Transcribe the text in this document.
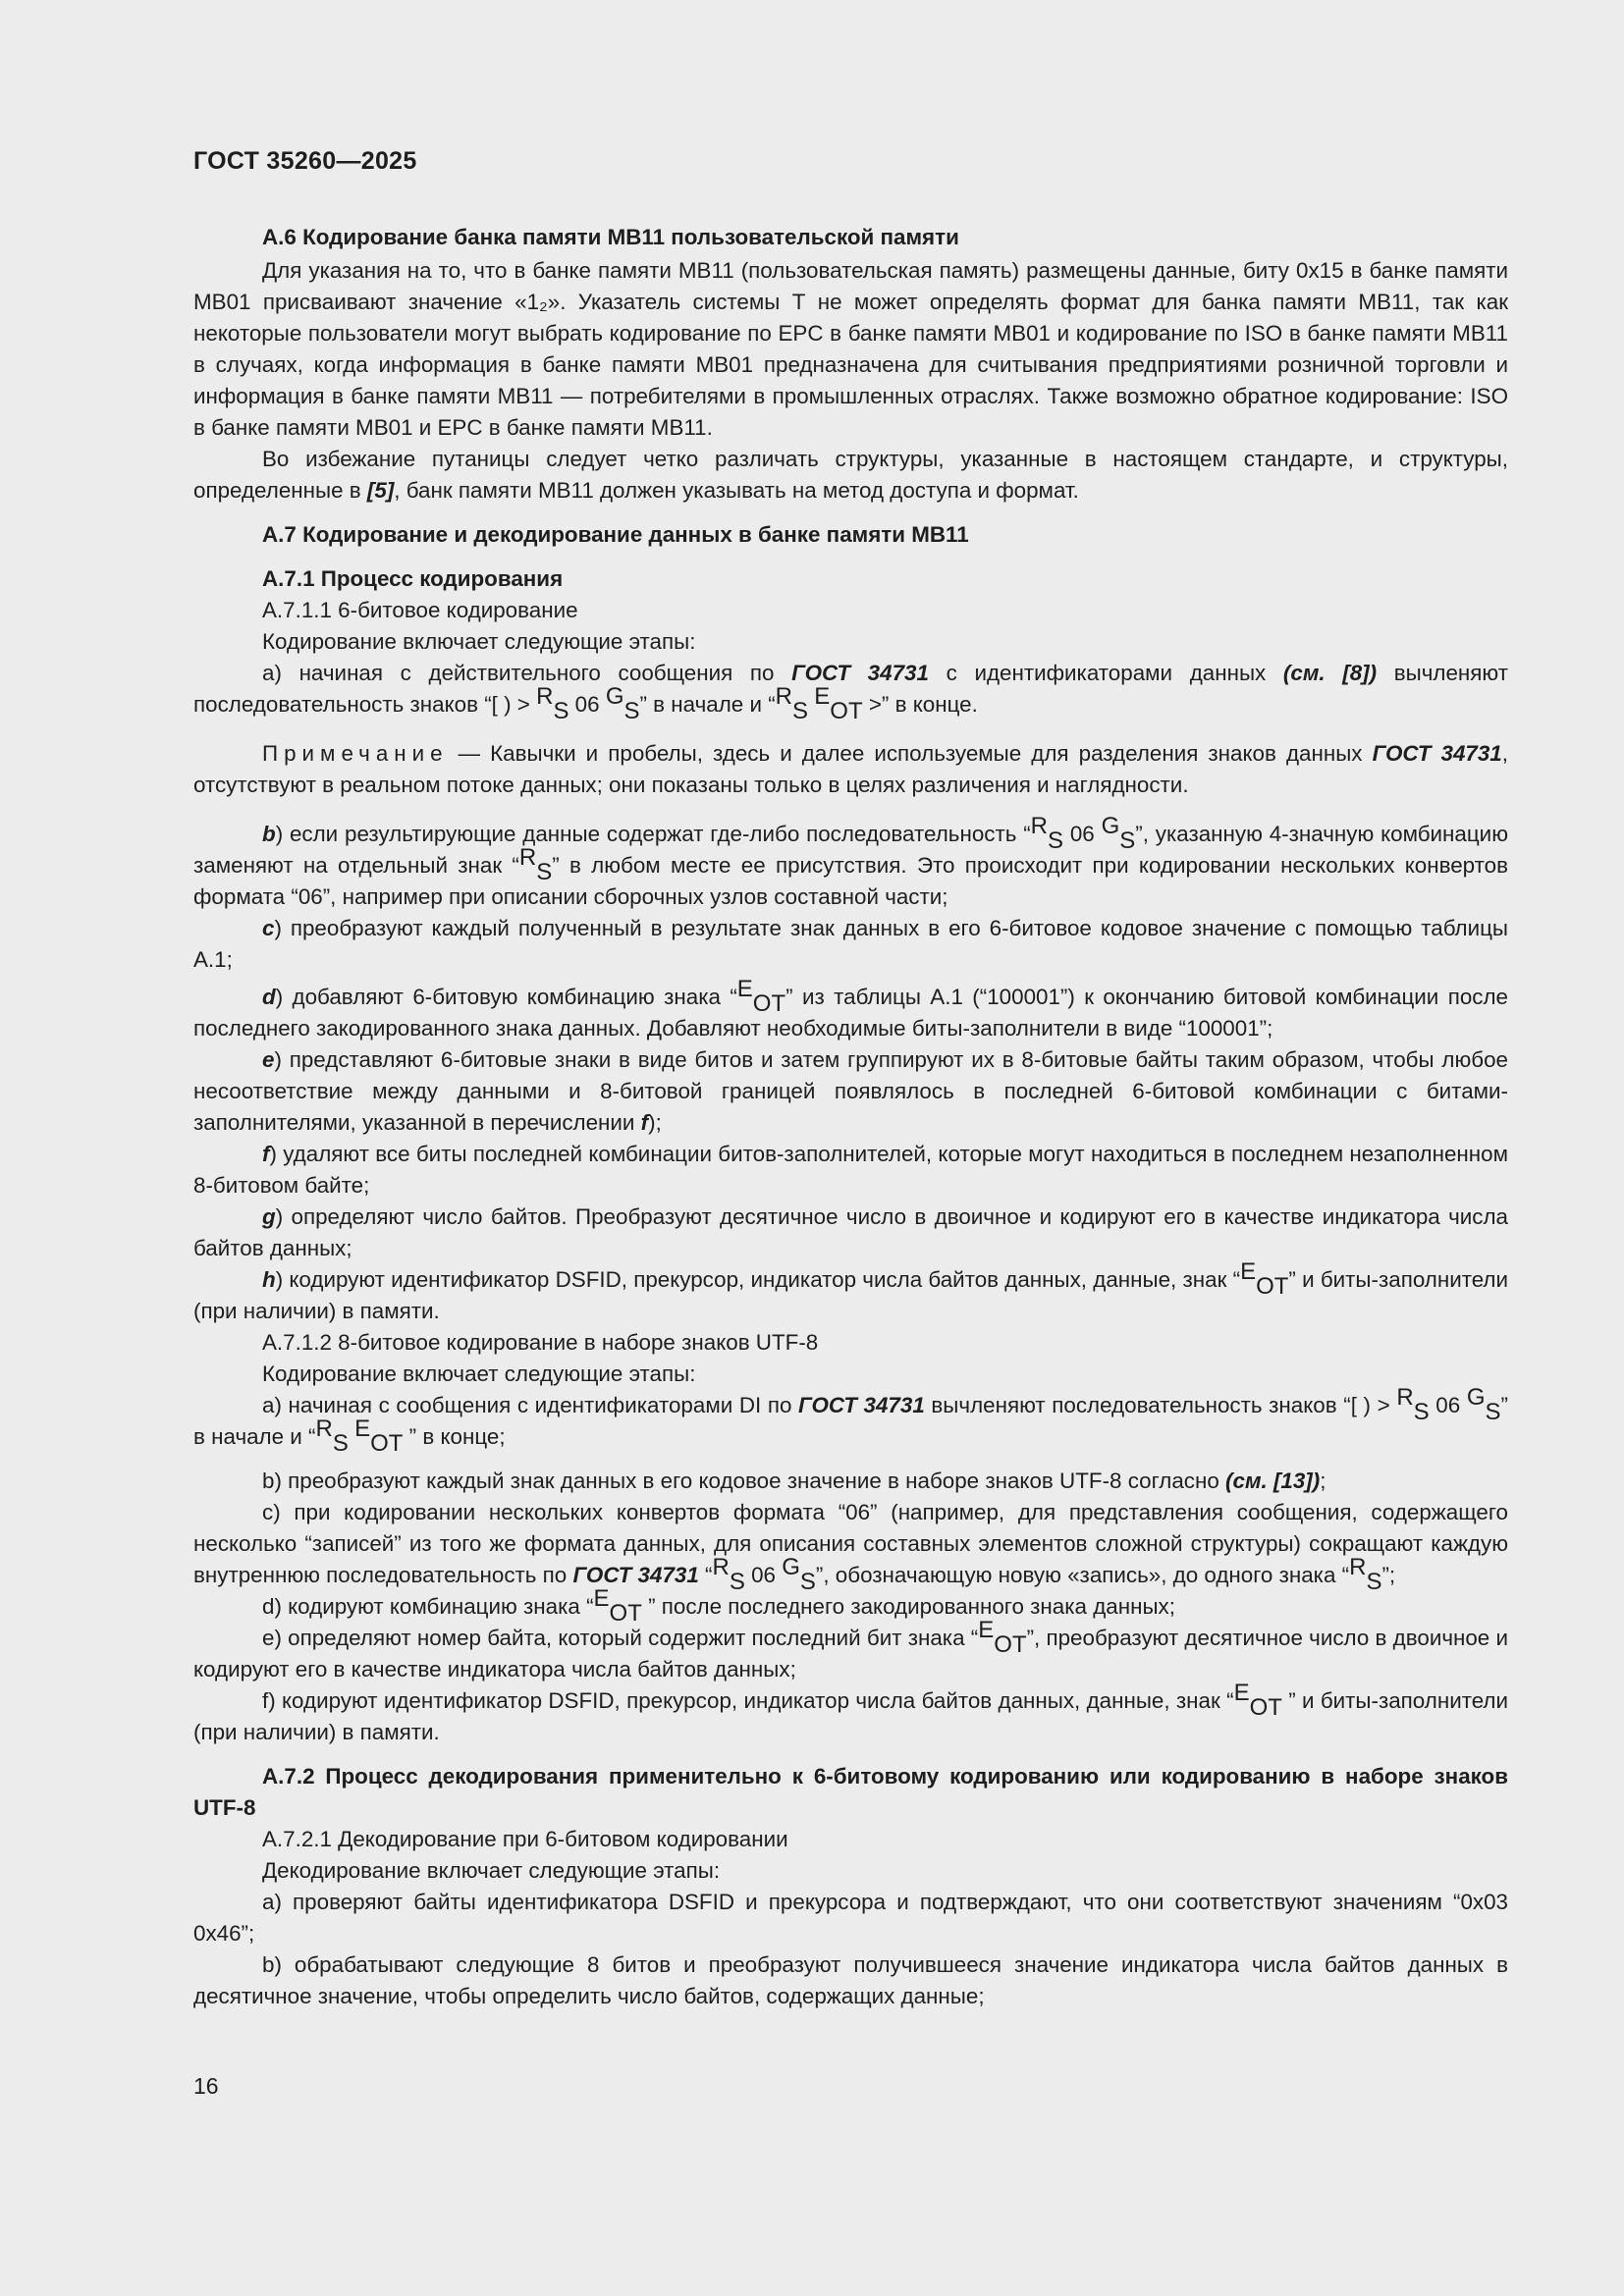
ГОСТ 35260—2025

А.6 Кодирование банка памяти MB11 пользовательской памяти

Для указания на то, что в банке памяти MB11 (пользовательская память) размещены данные, биту 0x15 в банке памяти MB01 присваивают значение «1₂». Указатель системы Т не может определять формат для банка памяти MB11, так как некоторые пользователи могут выбрать кодирование по EPC в банке памяти MB01 и кодирование по ISO в банке памяти MB11 в случаях, когда информация в банке памяти MB01 предназначена для считывания предприятиями розничной торговли и информация в банке памяти MB11 — потребителями в промышленных отраслях. Также возможно обратное кодирование: ISO в банке памяти MB01 и EPC в банке памяти MB11.

Во избежание путаницы следует четко различать структуры, указанные в настоящем стандарте, и структуры, определенные в [5], банк памяти MB11 должен указывать на метод доступа и формат.

А.7 Кодирование и декодирование данных в банке памяти MB11

А.7.1 Процесс кодирования

А.7.1.1 6-битовое кодирование

Кодирование включает следующие этапы:

а) начиная с действительного сообщения по ГОСТ 34731 с идентификаторами данных (см. [8]) вычленяют последовательность знаков “[ ) > RS 06 GS” в начале и “RS EOT >” в конце.

Примечание — Кавычки и пробелы, здесь и далее используемые для разделения знаков данных ГОСТ 34731, отсутствуют в реальном потоке данных; они показаны только в целях различения и наглядности.

b) если результирующие данные содержат где-либо последовательность “RS 06 GS”, указанную 4-значную комбинацию заменяют на отдельный знак “RS” в любом месте ее присутствия. Это происходит при кодировании нескольких конвертов формата “06”, например при описании сборочных узлов составной части;

c) преобразуют каждый полученный в результате знак данных в его 6-битовое кодовое значение с помощью таблицы А.1;

d) добавляют 6-битовую комбинацию знака “EOT” из таблицы А.1 (“100001”) к окончанию битовой комбинации после последнего закодированного знака данных. Добавляют необходимые биты-заполнители в виде “100001”;

e) представляют 6-битовые знаки в виде битов и затем группируют их в 8-битовые байты таким образом, чтобы любое несоответствие между данными и 8-битовой границей появлялось в последней 6-битовой комбинации с битами-заполнителями, указанной в перечислении f);

f) удаляют все биты последней комбинации битов-заполнителей, которые могут находиться в последнем незаполненном 8-битовом байте;

g) определяют число байтов. Преобразуют десятичное число в двоичное и кодируют его в качестве индикатора числа байтов данных;

h) кодируют идентификатор DSFID, прекурсор, индикатор числа байтов данных, данные, знак “EOT” и биты-заполнители (при наличии) в памяти.

А.7.1.2 8-битовое кодирование в наборе знаков UTF-8

Кодирование включает следующие этапы:

а) начиная с сообщения с идентификаторами DI по ГОСТ 34731 вычленяют последовательность знаков “[ ) > RS 06 GS” в начале и “RS EOT ” в конце;

b) преобразуют каждый знак данных в его кодовое значение в наборе знаков UTF-8 согласно (см. [13]);

с) при кодировании нескольких конвертов формата “06” (например, для представления сообщения, содержащего несколько “записей” из того же формата данных, для описания составных элементов сложной структуры) сокращают каждую внутреннюю последовательность по ГОСТ 34731 “RS 06 GS”, обозначающую новую «запись», до одного знака “RS”;

d) кодируют комбинацию знака “EOT ” после последнего закодированного знака данных;

е) определяют номер байта, который содержит последний бит знака “EOT”, преобразуют десятичное число в двоичное и кодируют его в качестве индикатора числа байтов данных;

f) кодируют идентификатор DSFID, прекурсор, индикатор числа байтов данных, данные, знак “EOT ” и биты-заполнители (при наличии) в памяти.

А.7.2 Процесс декодирования применительно к 6-битовому кодированию или кодированию в наборе знаков UTF-8

А.7.2.1 Декодирование при 6-битовом кодировании

Декодирование включает следующие этапы:

а) проверяют байты идентификатора DSFID и прекурсора и подтверждают, что они соответствуют значениям “0x03 0x46”;

b) обрабатывают следующие 8 битов и преобразуют получившееся значение индикатора числа байтов данных в десятичное значение, чтобы определить число байтов, содержащих данные;

16
